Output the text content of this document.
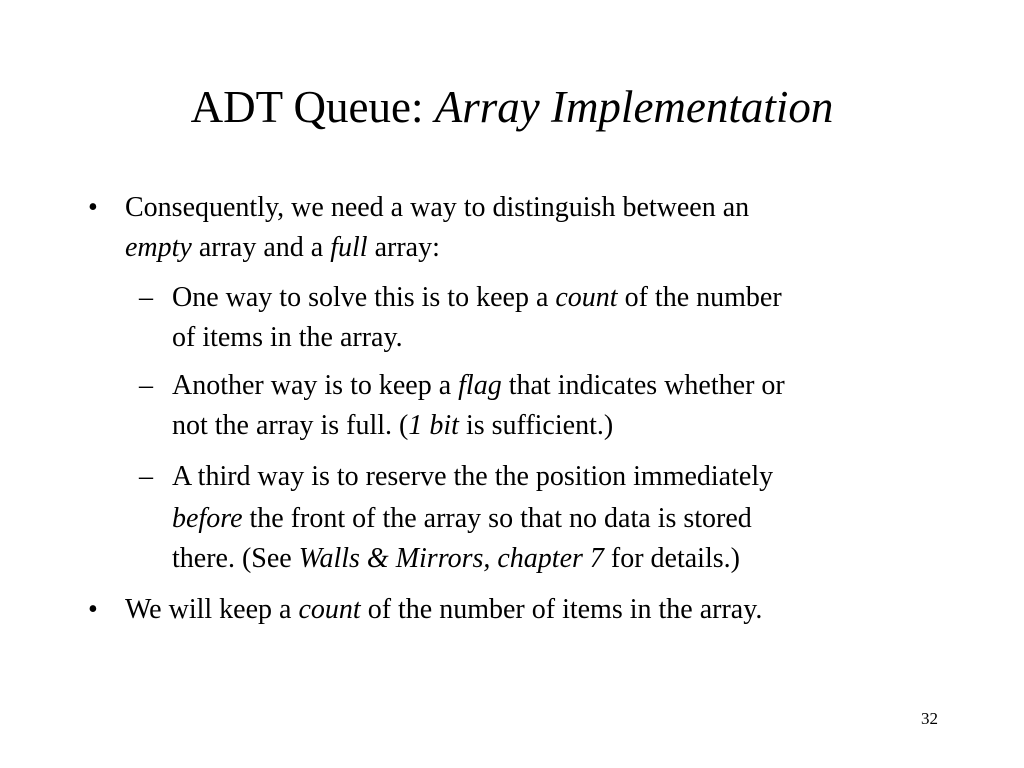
ADT Queue: Array Implementation
• Consequently, we need a way to distinguish between an
empty array and a full array:
– One way to solve this is to keep a count of the number
of items in the array.
– Another way is to keep a flag that indicates whether or
not the array is full. (1 bit is sufficient.)
– A third way is to reserve the the position immediately
before the front of the array so that no data is stored
there. (See Walls & Mirrors, chapter 7 for details.)
• We will keep a count of the number of items in the array.
32
